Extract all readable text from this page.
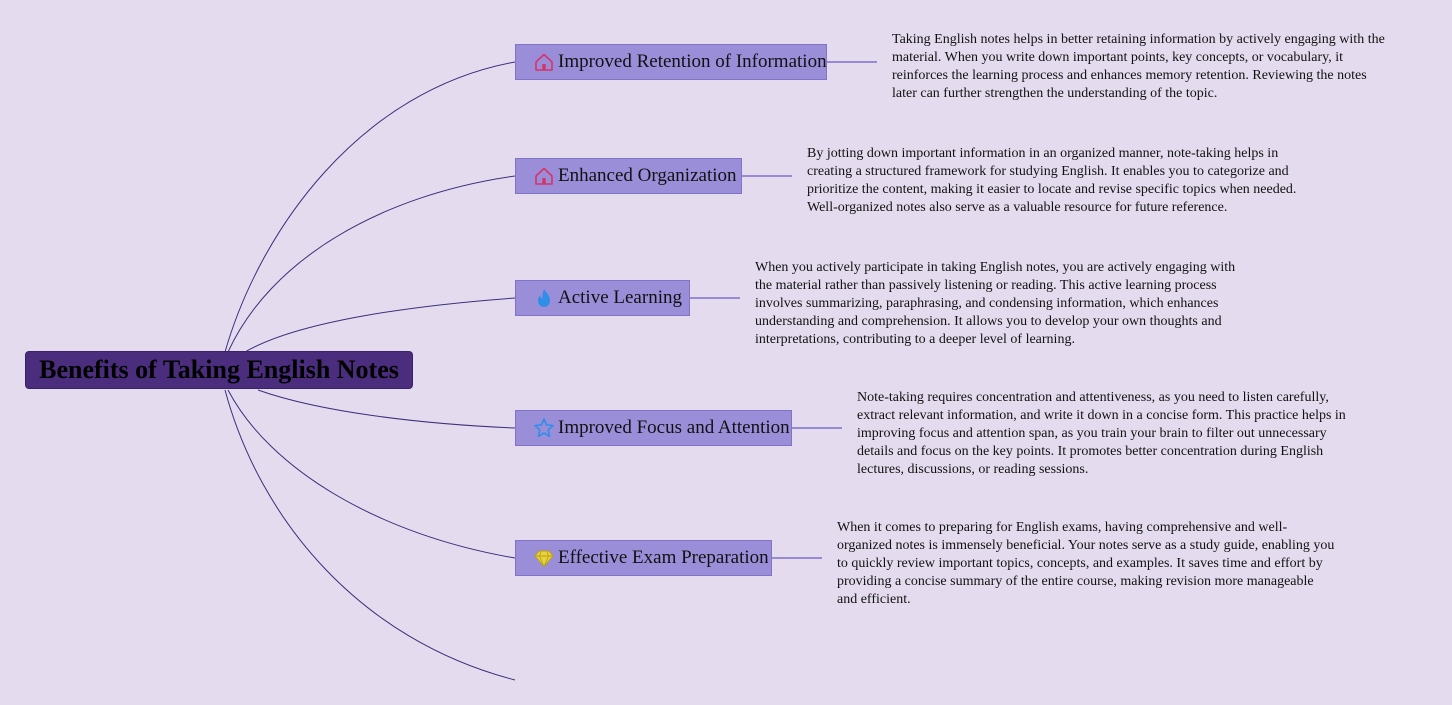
Benefits of Taking English Notes
Improved Retention of Information
Taking English notes helps in better retaining information by actively engaging with the material. When you write down important points, key concepts, or vocabulary, it reinforces the learning process and enhances memory retention. Reviewing the notes later can further strengthen the understanding of the topic.
Enhanced Organization
By jotting down important information in an organized manner, note-taking helps in creating a structured framework for studying English. It enables you to categorize and prioritize the content, making it easier to locate and revise specific topics when needed. Well-organized notes also serve as a valuable resource for future reference.
Active Learning
When you actively participate in taking English notes, you are actively engaging with the material rather than passively listening or reading. This active learning process involves summarizing, paraphrasing, and condensing information, which enhances understanding and comprehension. It allows you to develop your own thoughts and interpretations, contributing to a deeper level of learning.
Improved Focus and Attention
Note-taking requires concentration and attentiveness, as you need to listen carefully, extract relevant information, and write it down in a concise form. This practice helps in improving focus and attention span, as you train your brain to filter out unnecessary details and focus on the key points. It promotes better concentration during English lectures, discussions, or reading sessions.
Effective Exam Preparation
When it comes to preparing for English exams, having comprehensive and well-organized notes is immensely beneficial. Your notes serve as a study guide, enabling you to quickly review important topics, concepts, and examples. It saves time and effort by providing a concise summary of the entire course, making revision more manageable and efficient.
